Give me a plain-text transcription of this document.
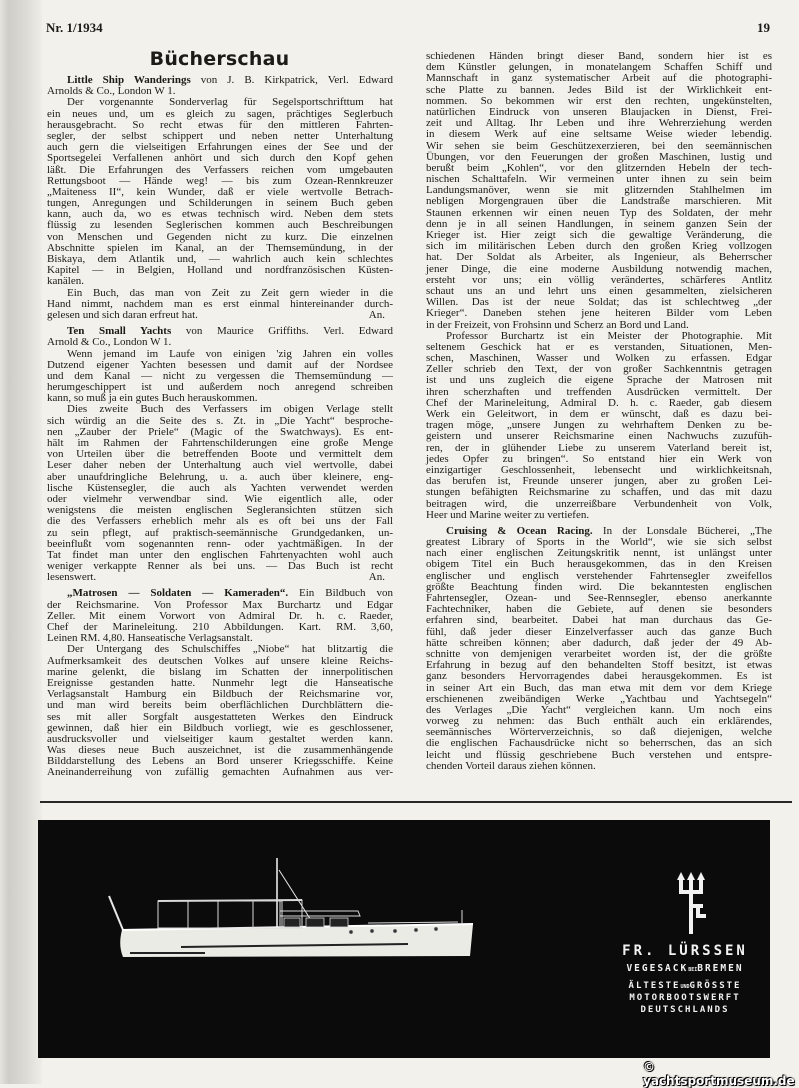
Nr. 1/1934	19
Bücherschau
Little Ship Wanderings von J. B. Kirkpatrick, Verl. Edward
Arnolds & Co., London W 1.
Der vorgenannte Sonderverlag für Segelsportschrifttum hat
ein neues und, um es gleich zu sagen, prächtiges Seglerbuch
herausgebracht. So recht etwas für den mittleren Fahrten-
segler, der selbst schippert und neben netter Unterhaltung
auch gern die vielseitigen Erfahrungen eines der See und der
Sportsegelei Verfallenen anhört und sich durch den Kopf gehen
läßt. Die Erfahrungen des Verfassers reichen vom umgebauten
Rettungsboot — Hände weg! — bis zum Ozean-Rennkreuzer
„Maiteness II“, kein Wunder, daß er viele wertvolle Betrach-
tungen, Anregungen und Schilderungen in seinem Buch geben
kann, auch da, wo es etwas technisch wird. Neben dem stets
flüssig zu lesenden Seglerischen kommen auch Beschreibungen
von Menschen und Gegenden nicht zu kurz. Die einzelnen
Abschnitte spielen im Kanal, an der Themsemündung, in der
Biskaya, dem Atlantik und, — wahrlich auch kein schlechtes
Kapitel — in Belgien, Holland und nordfranzösischen Küsten-
kanälen.
Ein Buch, das man von Zeit zu Zeit gern wieder in die
Hand nimmt, nachdem man es erst einmal hintereinander durch-
gelesen und sich daran erfreut hat.	An.
Ten Small Yachts von Maurice Griffiths. Verl. Edward
Arnold & Co., London W 1.
Wenn jemand im Laufe von einigen 'zig Jahren ein volles
Dutzend eigener Yachten besessen und damit auf der Nordsee
und dem Kanal — nicht zu vergessen die Themsemündung —
herumgeschippert ist und außerdem noch anregend schreiben
kann, so muß ja ein gutes Buch herauskommen.
Dies zweite Buch des Verfassers im obigen Verlage stellt
sich würdig an die Seite des s. Zt. in „Die Yacht“ besproche-
nen „Zauber der Priele“ (Magic of the Swatchways). Es ent-
hält im Rahmen der Fahrtenschilderungen eine große Menge
von Urteilen über die betreffenden Boote und vermittelt dem
Leser daher neben der Unterhaltung auch viel wertvolle, dabei
aber unaufdringliche Belehrung, u. a. auch über kleinere, eng-
lische Küstensegler, die auch als Yachten verwendet werden
oder vielmehr verwendbar sind. Wie eigentlich alle, oder
wenigstens die meisten englischen Segleransichten stützen sich
die des Verfassers erheblich mehr als es oft bei uns der Fall
zu sein pflegt, auf praktisch-seemännische Grundgedanken, un-
beeinflußt vom sogenannten renn- oder yachtmäßigen. In der
Tat findet man unter den englischen Fahrtenyachten wohl auch
weniger verkappte Renner als bei uns. — Das Buch ist recht
lesenswert.	An.
„Matrosen — Soldaten — Kameraden“. Ein Bildbuch von
der Reichsmarine. Von Professor Max Burchartz und Edgar
Zeller. Mit einem Vorwort von Admiral Dr. h. c. Raeder,
Chef der Marineleitung. 210 Abbildungen. Kart. RM. 3,60,
Leinen RM. 4,80. Hanseatische Verlagsanstalt.
Der Untergang des Schulschiffes „Niobe“ hat blitzartig die
Aufmerksamkeit des deutschen Volkes auf unsere kleine Reichs-
marine gelenkt, die bislang im Schatten der innerpolitischen
Ereignisse gestanden hatte. Nunmehr legt die Hanseatische
Verlagsanstalt Hamburg ein Bildbuch der Reichsmarine vor,
und man wird bereits beim oberflächlichen Durchblättern die-
ses mit aller Sorgfalt ausgestatteten Werkes den Eindruck
gewinnen, daß hier ein Bildbuch vorliegt, wie es geschlossener,
ausdrucksvoller und vielseitiger kaum gestaltet werden kann.
Was dieses neue Buch auszeichnet, ist die zusammenhängende
Bilddarstellung des Lebens an Bord unserer Kriegsschiffe. Keine
Aneinanderreihung von zufällig gemachten Aufnahmen aus ver-
schiedenen Händen bringt dieser Band, sondern hier ist es
dem Künstler gelungen, in monatelangem Schaffen Schiff und
Mannschaft in ganz systematischer Arbeit auf die photographi-
sche Platte zu bannen. Jedes Bild ist der Wirklichkeit ent-
nommen. So bekommen wir erst den rechten, ungekünstelten,
natürlichen Eindruck von unseren Blaujacken in Dienst, Frei-
zeit und Alltag. Ihr Leben und ihre Wehrerziehung werden
in diesem Werk auf eine seltsame Weise wieder lebendig.
Wir sehen sie beim Geschützexerzieren, bei den seemännischen
Übungen, vor den Feuerungen der großen Maschinen, lustig und
berußt beim „Kohlen“, vor den glitzernden Hebeln der tech-
nischen Schalttafeln. Wir vermeinen unter ihnen zu sein beim
Landungsmanöver, wenn sie mit glitzernden Stahlhelmen im
nebligen Morgengrauen über die Landstraße marschieren. Mit
Staunen erkennen wir einen neuen Typ des Soldaten, der mehr
denn je in all seinen Handlungen, in seinem ganzen Sein der
Krieger ist. Hier zeigt sich die gewaltige Veränderung, die
sich im militärischen Leben durch den großen Krieg vollzogen
hat. Der Soldat als Arbeiter, als Ingenieur, als Beherrscher
jener Dinge, die eine moderne Ausbildung notwendig machen,
ersteht vor uns; ein völlig verändertes, schärferes Antlitz
schaut uns an und lehrt uns einen gesammelten, zielsicheren
Willen. Das ist der neue Soldat; das ist schlechtweg „der
Krieger“. Daneben stehen jene heiteren Bilder vom Leben
in der Freizeit, von Frohsinn und Scherz an Bord und Land.
Professor Burchartz ist ein Meister der Photographie. Mit
seltenem Geschick hat er es verstanden, Situationen, Men-
schen, Maschinen, Wasser und Wolken zu erfassen. Edgar
Zeller schrieb den Text, der von großer Sachkenntnis getragen
ist und uns zugleich die eigene Sprache der Matrosen mit
ihren scherzhaften und treffenden Ausdrücken vermittelt. Der
Chef der Marineleitung, Admiral D. h. c. Raeder, gab diesem
Werk ein Geleitwort, in dem er wünscht, daß es dazu bei-
tragen möge, „unsere Jungen zu wehrhaftem Denken zu be-
geistern und unserer Reichsmarine einen Nachwuchs zuzufüh-
ren, der in glühender Liebe zu unserem Vaterland bereit ist,
jedes Opfer zu bringen“. So entstand hier ein Werk von
einzigartiger Geschlossenheit, lebensecht und wirklichkeitsnah,
das berufen ist, Freunde unserer jungen, aber zu großen Lei-
stungen befähigten Reichsmarine zu schaffen, und das mit dazu
beitragen wird, die unzerreißbare Verbundenheit von Volk,
Heer und Marine weiter zu vertiefen.
Cruising & Ocean Racing. In der Lonsdale Bücherei, „The
greatest Library of Sports in the World“, wie sie sich selbst
nach einer englischen Zeitungskritik nennt, ist unlängst unter
obigem Titel ein Buch herausgekommen, das in den Kreisen
englischer und englisch verstehender Fahrtensegler zweifellos
größte Beachtung finden wird. Die bekanntesten englischen
Fahrtensegler, Ozean- und See-Rennsegler, ebenso anerkannte
Fachtechniker, haben die Gebiete, auf denen sie besonders
erfahren sind, bearbeitet. Dabei hat man durchaus das Ge-
fühl, daß jeder dieser Einzelverfasser auch das ganze Buch
hätte schreiben können; aber dadurch, daß jeder der 49 Ab-
schnitte von demjenigen verarbeitet worden ist, der die größte
Erfahrung in bezug auf den behandelten Stoff besitzt, ist etwas
ganz besonders Hervorragendes dabei herausgekommen. Es ist
in seiner Art ein Buch, das man etwa mit dem vor dem Kriege
erschienenen zweibändigen Werke „Yachtbau und Yachtsegeln“
des Verlages „Die Yacht“ vergleichen kann. Um noch eins
vorweg zu nehmen: das Buch enthält auch ein erklärendes,
seemännisches Wörterverzeichnis, so daß diejenigen, welche
die englischen Fachausdrücke nicht so beherrschen, das an sich
leicht und flüssig geschriebene Buch verstehen und entspre-
chenden Vorteil daraus ziehen können.
FR. LÜRSSEN
VEGESACKBEIBREMEN
ÄLTESTEUNDGRÖSSTE
MOTORBOOTSWERFT
DEUTSCHLANDS
© yachtsportmuseum.de
